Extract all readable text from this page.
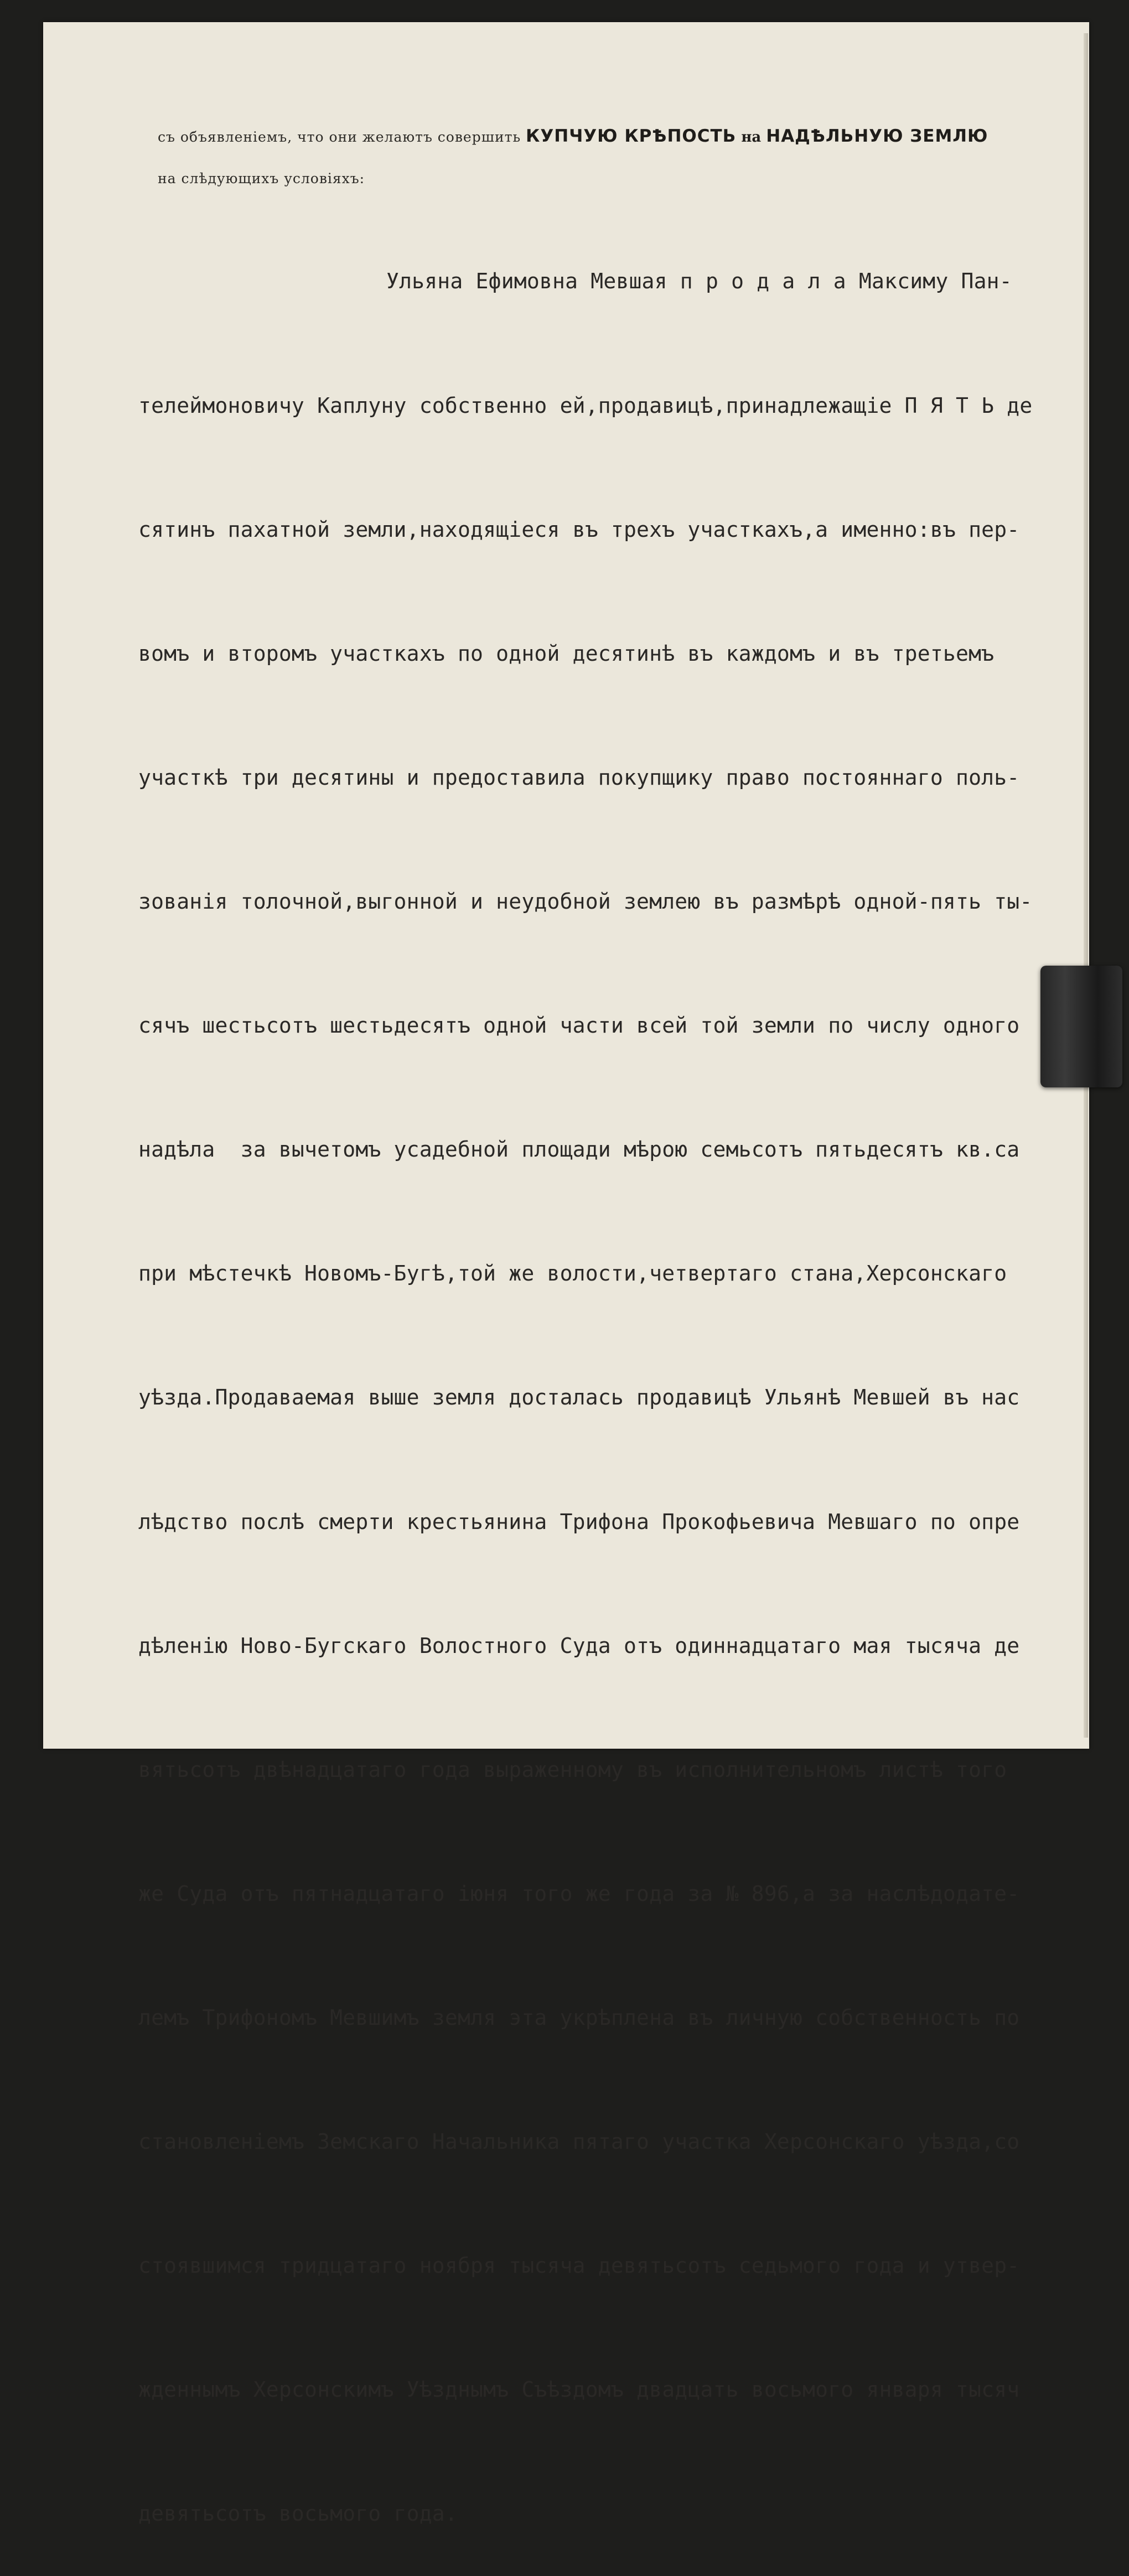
съ объявленіемъ, что они желаютъ совершить КУПЧУЮ КРѢПОСТЬ на НАДѢЛЬНУЮ ЗЕМЛЮ
на слѣдующихъ условіяхъ:

Ульяна Ефимовна Мевшая п р о д а л а Максиму Пан-

телеймоновичу Каплуну собственно ей,продавицѣ,принадлежащіе П Я Т Ь де

сятинъ пахатной земли,находящіеся въ трехъ участкахъ,а именно:въ пер-

вомъ и второмъ участкахъ по одной десятинѣ въ каждомъ и въ третьемъ

участкѣ три десятины и предоставила покупщику право постояннаго поль-

зованія толочной,выгонной и неудобной землею въ размѣрѣ одной-пять ты-

сячъ шестьсотъ шестьдесятъ одной части всей той земли по числу одного

надѣла  за вычетомъ усадебной площади мѣрою семьсотъ пятьдесятъ кв.са

при мѣстечкѣ Новомъ-Бугѣ,той же волости,четвертаго стана,Херсонскаго

уѣзда.Продаваемая выше земля досталась продавицѣ Ульянѣ Мевшей въ нас

лѣдство послѣ смерти крестьянина Трифона Прокофьевича Мевшаго по опре

дѣленію Ново-Бугскаго Волостного Суда отъ одиннадцатаго мая тысяча де

вятьсотъ двѣнадцатаго года выраженному въ исполнительномъ листѣ того

же Суда отъ пятнадцатаго іюня того же года за № 896,а за наслѣдодате-

лемъ Трифономъ Мевшимъ земля эта укрѣплена въ личную собственность по

становленіемъ Земскаго Начальника пятаго участка Херсонскаго уѣзда,со

стоявшимся тридцатаго ноября тысяча девятьсотъ седьмого года и утвер-

жденнымъ Херсонскимъ Уѣзднымъ Съѣздомъ двадцать восьмого января тысяч

девятьсотъ восьмого года.
